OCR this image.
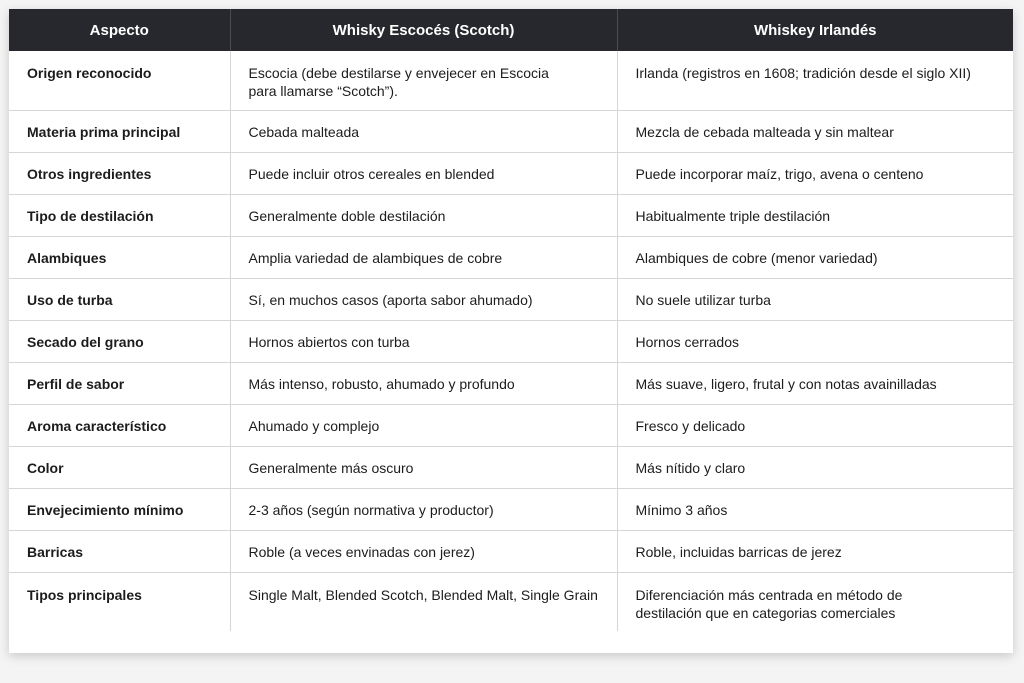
Aspecto	Whisky Escocés (Scotch)	Whiskey Irlandés
Origen reconocido	Escocia (debe destilarse y envejecer en Escocia para llamarse “Scotch”).	Irlanda (registros en 1608; tradición desde el siglo XII)
Materia prima principal	Cebada malteada	Mezcla de cebada malteada y sin maltear
Otros ingredientes	Puede incluir otros cereales en blended	Puede incorporar maíz, trigo, avena o centeno
Tipo de destilación	Generalmente doble destilación	Habitualmente triple destilación
Alambiques	Amplia variedad de alambiques de cobre	Alambiques de cobre (menor variedad)
Uso de turba	Sí, en muchos casos (aporta sabor ahumado)	No suele utilizar turba
Secado del grano	Hornos abiertos con turba	Hornos cerrados
Perfil de sabor	Más intenso, robusto, ahumado y profundo	Más suave, ligero, frutal y con notas avainilladas
Aroma característico	Ahumado y complejo	Fresco y delicado
Color	Generalmente más oscuro	Más nítido y claro
Envejecimiento mínimo	2-3 años (según normativa y productor)	Mínimo 3 años
Barricas	Roble (a veces envinadas con jerez)	Roble, incluidas barricas de jerez
Tipos principales	Single Malt, Blended Scotch, Blended Malt, Single Grain	Diferenciación más centrada en método de destilación que en categorias comerciales
